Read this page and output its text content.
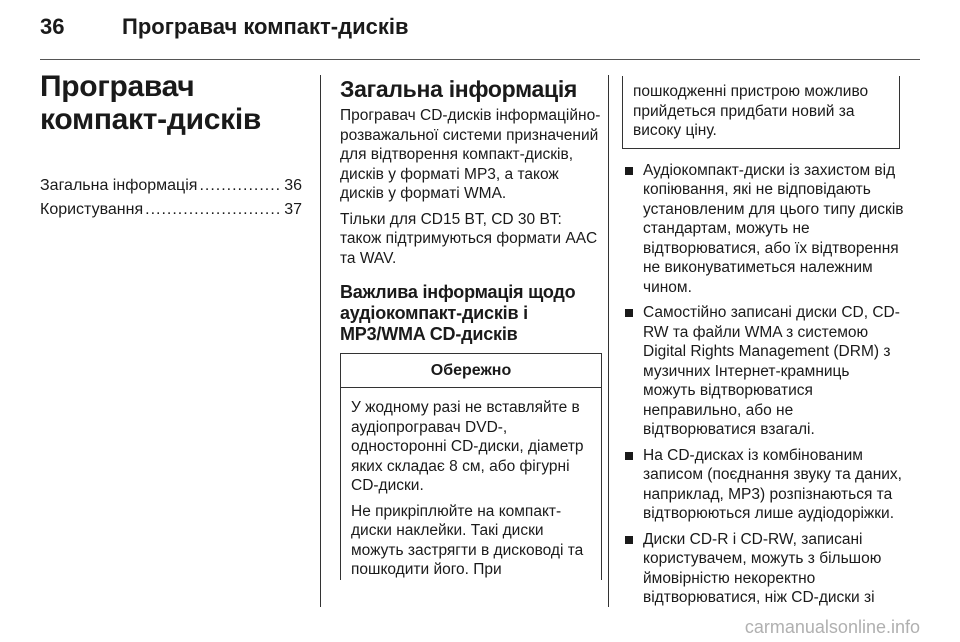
36	Програвач компакт-дисків
Програвач компакт-дисків
Загальна інформація .....	36
Користування .....	37
Загальна інформація

Програвач CD-дисків інформаційно-розважальної системи призначений для відтворення компакт-дисків, дисків у форматі MP3, а також дисків у форматі WMA.

Тільки для CD15 BT, CD 30 BT: також підтримуються формати AAC та WAV.

Важлива інформація щодо аудіокомпакт-дисків і MP3/WMA CD-дисків
Обережно

У жодному разі не вставляйте в аудіопрогравач DVD-, односторонні CD-диски, діаметр яких складає 8 см, або фігурні CD-диски.

Не прикріплюйте на компакт-диски наклейки. Такі диски можуть застрягти в дисководі та пошкодити його. При

пошкодженні пристрою можливо прийдеться придбати новий за високу ціну.

Аудіокомпакт-диски із захистом від копіювання, які не відповідають установленим для цього типу дисків стандартам, можуть не відтворюватися, або їх відтворення не виконуватиметься належним чином.
Самостійно записані диски CD, CD-RW та файли WMA з системою Digital Rights Management (DRM) з музичних Інтернет-крамниць можуть відтворюватися неправильно, або не відтворюватися взагалі.
На CD-дисках із комбінованим записом (поєднання звуку та даних, наприклад, MP3) розпізнаються та відтворюються лише аудіодоріжки.
Диски CD-R і CD-RW, записані користувачем, можуть з більшою ймовірністю некоректно відтворюватися, ніж CD-диски зі
carmanualsonline.info
